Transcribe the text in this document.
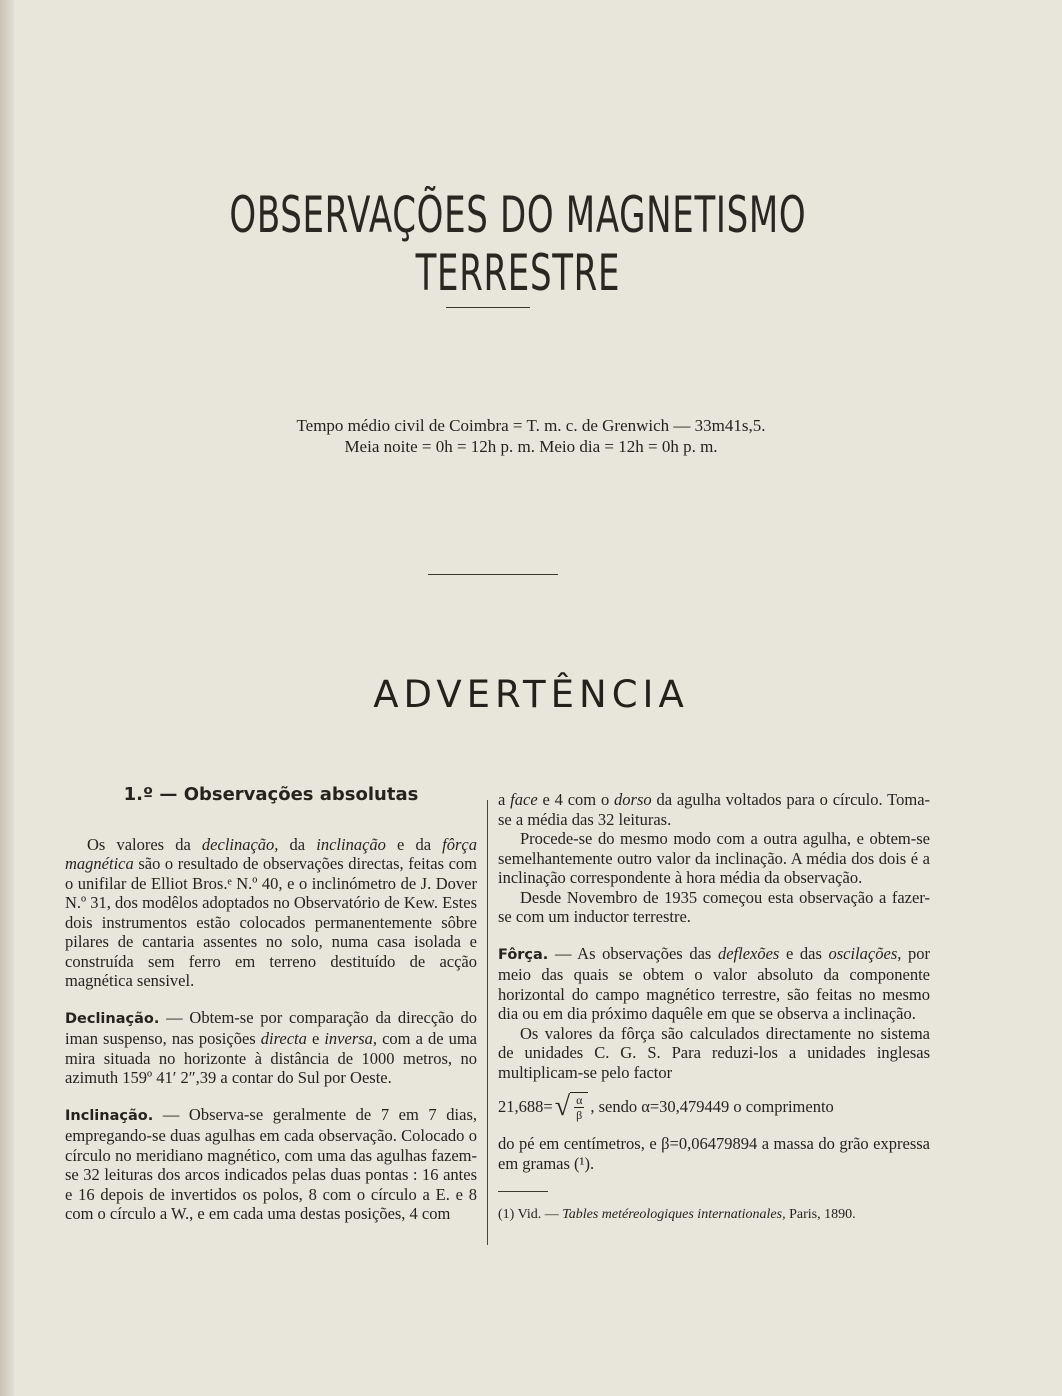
OBSERVAÇÕES DO MAGNETISMO TERRESTRE
Tempo médio civil de Coimbra = T. m. c. de Grenwich — 33m41s,5.
Meia noite = 0h = 12h p. m. Meio dia = 12h = 0h p. m.
ADVERTÊNCIA
1.º — Observações absolutas

Os valores da declinação, da inclinação e da fôrça magnética são o resultado de observações directas, feitas com o unifilar de Elliot Bros.ᵉ N.º 40, e o inclinómetro de J. Dover N.º 31, dos modêlos adoptados no Observatório de Kew. Estes dois instrumentos estão colocados permanentemente sôbre pilares de cantaria assentes no solo, numa casa isolada e construída sem ferro em terreno destituído de acção magnética sensivel.

Declinação. — Obtem-se por comparação da direcção do iman suspenso, nas posições directa e inversa, com a de uma mira situada no horizonte à distância de 1000 metros, no azimuth 159º 41′ 2″,39 a contar do Sul por Oeste.

Inclinação. — Observa-se geralmente de 7 em 7 dias, empregando-se duas agulhas em cada observação. Colocado o círculo no meridiano magnético, com uma das agulhas fazem-se 32 leituras dos arcos indicados pelas duas pontas : 16 antes e 16 depois de invertidos os polos, 8 com o círculo a E. e 8 com o círculo a W., e em cada uma destas posições, 4 com

a face e 4 com o dorso da agulha voltados para o círculo. Toma-se a média das 32 leituras.

Procede-se do mesmo modo com a outra agulha, e obtem-se semelhantemente outro valor da inclinação. A média dos dois é a inclinação correspondente à hora média da observação.

Desde Novembro de 1935 começou esta observação a fazer-se com um inductor terrestre.

Fôrça. — As observações das deflexões e das oscilações, por meio das quais se obtem o valor absoluto da componente horizontal do campo magnético terrestre, são feitas no mesmo dia ou em dia próximo daquêle em que se observa a inclinação.

Os valores da fôrça são calculados directamente no sistema de unidades C. G. S. Para reduzi-los a unidades inglesas multiplicam-se pelo factor

21,688= √ $\frac{\alpha}{\beta}$ , sendo α=30,479449 o comprimento

do pé em centímetros, e β=0,06479894 a massa do grão expressa em gramas (¹).

(1) Vid. — Tables metéreologiques internationales, Paris, 1890.
